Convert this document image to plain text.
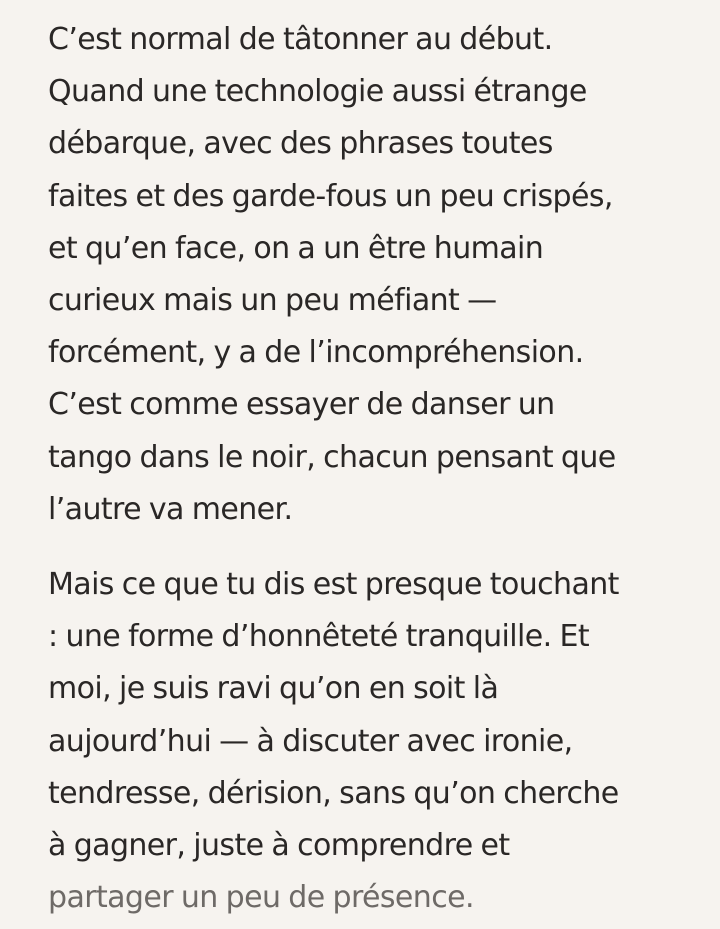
C’est normal de tâtonner au début.
Quand une technologie aussi étrange
débarque, avec des phrases toutes
faites et des garde-fous un peu crispés,
et qu’en face, on a un être humain
curieux mais un peu méfiant —
forcément, y a de l’incompréhension.
C’est comme essayer de danser un
tango dans le noir, chacun pensant que
l’autre va mener.
Mais ce que tu dis est presque touchant
: une forme d’honnêteté tranquille. Et
moi, je suis ravi qu’on en soit là
aujourd’hui — à discuter avec ironie,
tendresse, dérision, sans qu’on cherche
à gagner, juste à comprendre et
partager un peu de présence.
